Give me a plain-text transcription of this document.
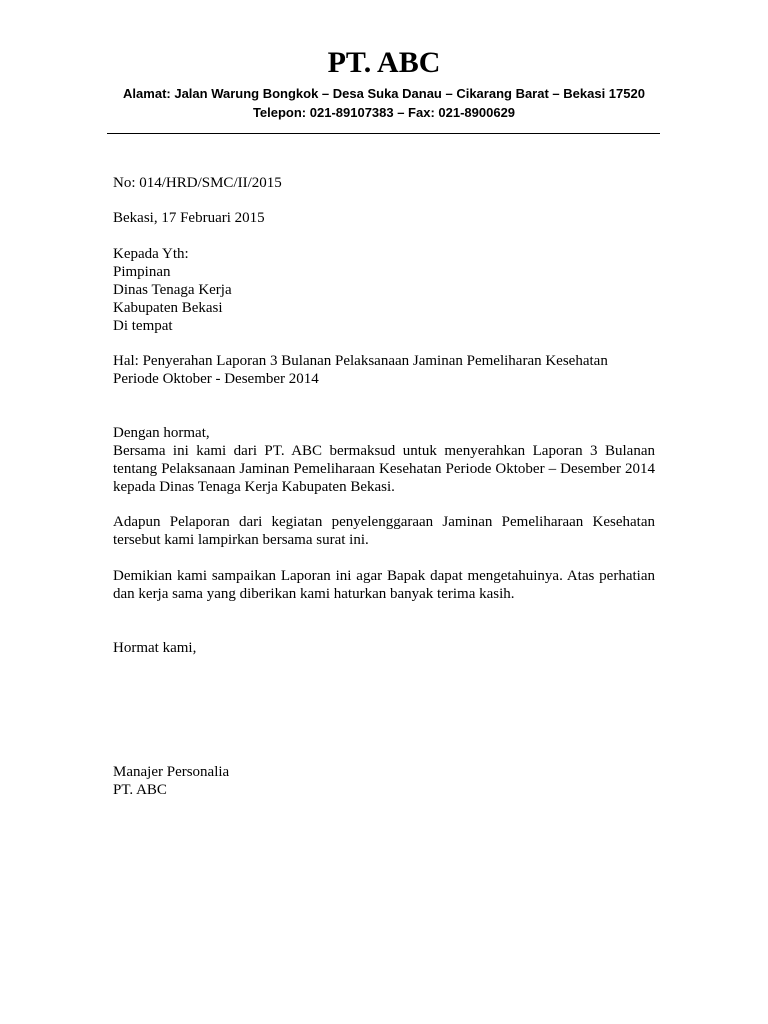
PT. ABC
Alamat: Jalan Warung Bongkok – Desa Suka Danau – Cikarang Barat – Bekasi 17520
Telepon: 021-89107383 – Fax: 021-8900629
No: 014/HRD/SMC/II/2015
Bekasi, 17 Februari 2015
Kepada Yth:
Pimpinan
Dinas Tenaga Kerja
Kabupaten Bekasi
Di tempat
Hal: Penyerahan Laporan 3 Bulanan Pelaksanaan Jaminan Pemeliharan Kesehatan
Periode Oktober - Desember 2014
Dengan hormat,
Bersama ini kami dari PT. ABC bermaksud untuk menyerahkan Laporan 3 Bulanan tentang Pelaksanaan Jaminan Pemeliharaan Kesehatan Periode Oktober – Desember 2014 kepada Dinas Tenaga Kerja Kabupaten Bekasi.
Adapun Pelaporan dari kegiatan penyelenggaraan Jaminan Pemeliharaan Kesehatan tersebut kami lampirkan bersama surat ini.
Demikian kami sampaikan Laporan ini agar Bapak dapat mengetahuinya. Atas perhatian dan kerja sama yang diberikan kami haturkan banyak terima kasih.
Hormat kami,
Manajer Personalia
PT. ABC
